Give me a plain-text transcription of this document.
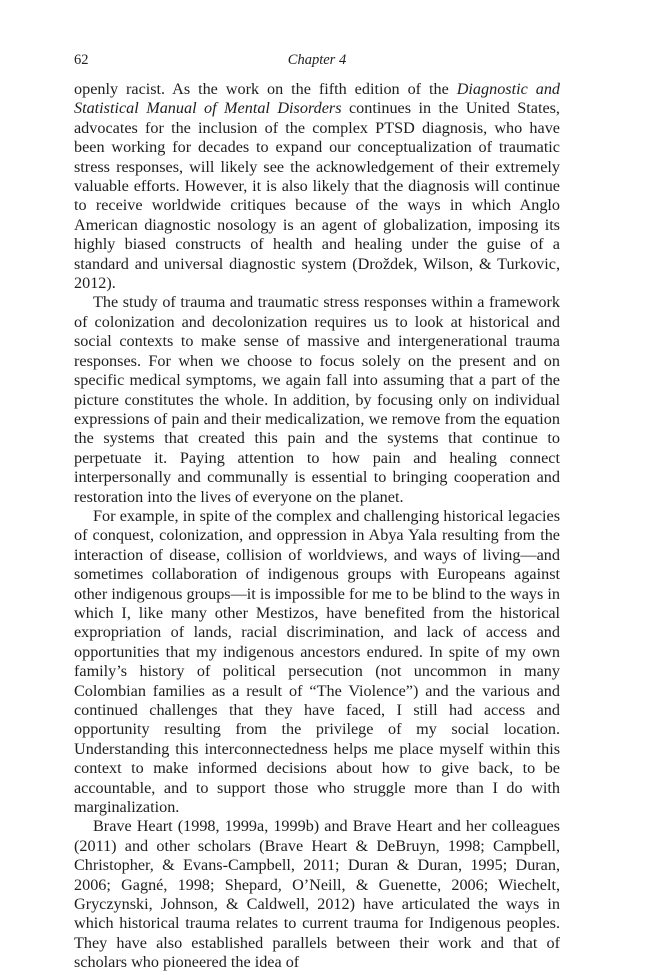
62	Chapter 4

openly racist. As the work on the fifth edition of the Diagnostic and Statistical Manual of Mental Disorders continues in the United States, advocates for the inclusion of the complex PTSD diagnosis, who have been working for decades to expand our conceptualization of traumatic stress responses, will likely see the acknowledgement of their extremely valuable efforts. However, it is also likely that the diagnosis will continue to receive worldwide critiques because of the ways in which Anglo American diagnostic nosology is an agent of globalization, imposing its highly biased constructs of health and healing under the guise of a standard and universal diagnostic system (Droždek, Wilson, & Turkovic, 2012).

The study of trauma and traumatic stress responses within a framework of colonization and decolonization requires us to look at historical and social contexts to make sense of massive and intergenerational trauma responses. For when we choose to focus solely on the present and on specific medical symptoms, we again fall into assuming that a part of the picture constitutes the whole. In addition, by focusing only on individual expressions of pain and their medicalization, we remove from the equation the systems that created this pain and the systems that continue to perpetuate it. Paying attention to how pain and healing connect interpersonally and communally is essential to bringing cooperation and restoration into the lives of everyone on the planet.

For example, in spite of the complex and challenging historical legacies of conquest, colonization, and oppression in Abya Yala resulting from the interaction of disease, collision of worldviews, and ways of living—and sometimes collaboration of indigenous groups with Europeans against other indigenous groups—it is impossible for me to be blind to the ways in which I, like many other Mestizos, have benefited from the historical expropriation of lands, racial discrimination, and lack of access and opportunities that my indigenous ancestors endured. In spite of my own family’s history of political persecution (not uncommon in many Colombian families as a result of “The Violence”) and the various and continued challenges that they have faced, I still had access and opportunity resulting from the privilege of my social location. Understanding this interconnectedness helps me place myself within this context to make informed decisions about how to give back, to be accountable, and to support those who struggle more than I do with marginalization.

Brave Heart (1998, 1999a, 1999b) and Brave Heart and her colleagues (2011) and other scholars (Brave Heart & DeBruyn, 1998; Campbell, Christopher, & Evans-Campbell, 2011; Duran & Duran, 1995; Duran, 2006; Gagné, 1998; Shepard, O’Neill, & Guenette, 2006; Wiechelt, Gryczynski, Johnson, & Caldwell, 2012) have articulated the ways in which historical trauma relates to current trauma for Indigenous peoples. They have also established parallels between their work and that of scholars who pioneered the idea of
